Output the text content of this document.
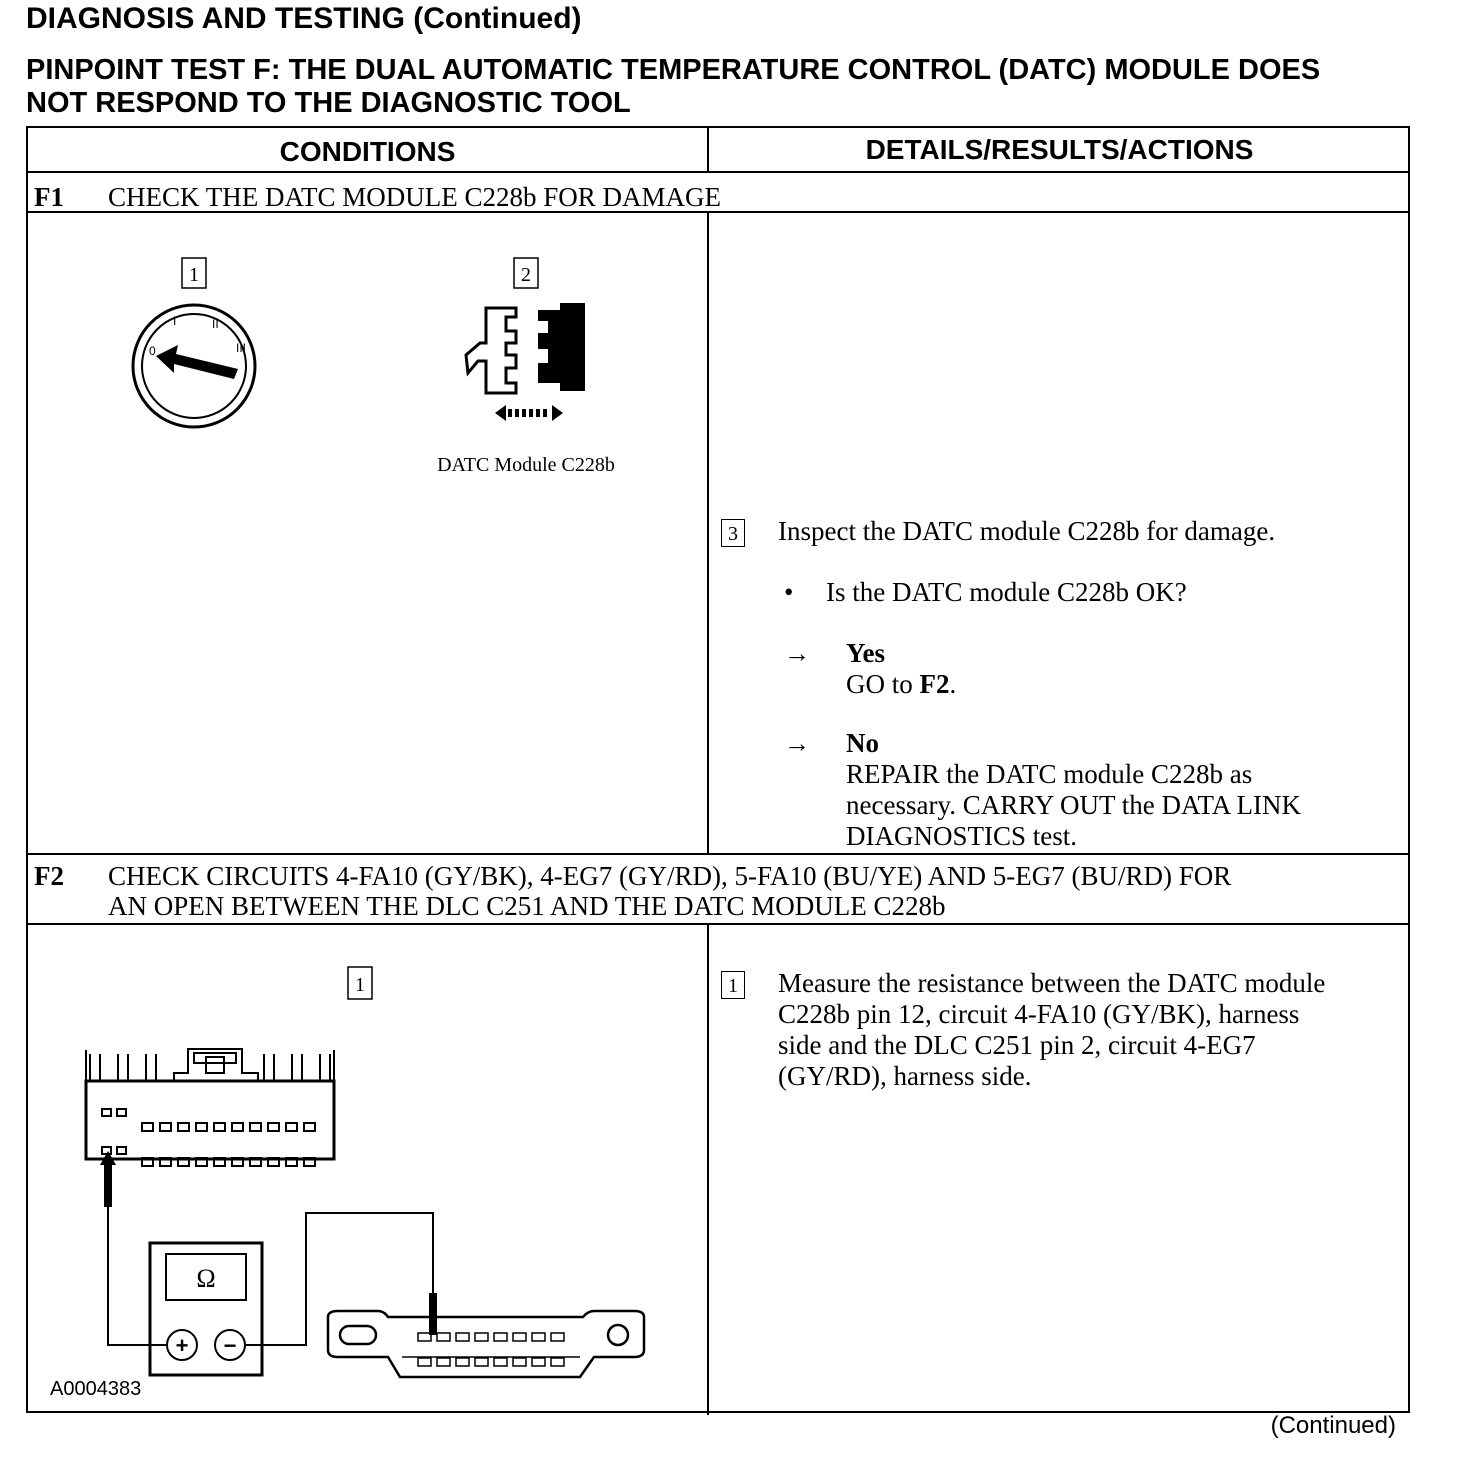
DIAGNOSIS AND TESTING (Continued)
PINPOINT TEST F: THE DUAL AUTOMATIC TEMPERATURE CONTROL (DATC) MODULE DOES
NOT RESPOND TO THE DIAGNOSTIC TOOL
CONDITIONS	DETAILS/RESULTS/ACTIONS
F1 CHECK THE DATC MODULE C228b FOR DAMAGE
1
0
I	II
III
2
DATC Module C228b
3 Inspect the DATC module C228b for damage.
• Is the DATC module C228b OK?
→ Yes
GO to F2.
→ No
REPAIR the DATC module C228b as
necessary. CARRY OUT the DATA LINK
DIAGNOSTICS test.
F2 CHECK CIRCUITS 4-FA10 (GY/BK), 4-EG7 (GY/RD), 5-FA10 (BU/YE) AND 5-EG7 (BU/RD) FOR
AN OPEN BETWEEN THE DLC C251 AND THE DATC MODULE C228b
1
Ω
+ −
1 Measure the resistance between the DATC module
C228b pin 12, circuit 4-FA10 (GY/BK), harness
side and the DLC C251 pin 2, circuit 4-EG7
(GY/RD), harness side.
A0004383
(Continued)
